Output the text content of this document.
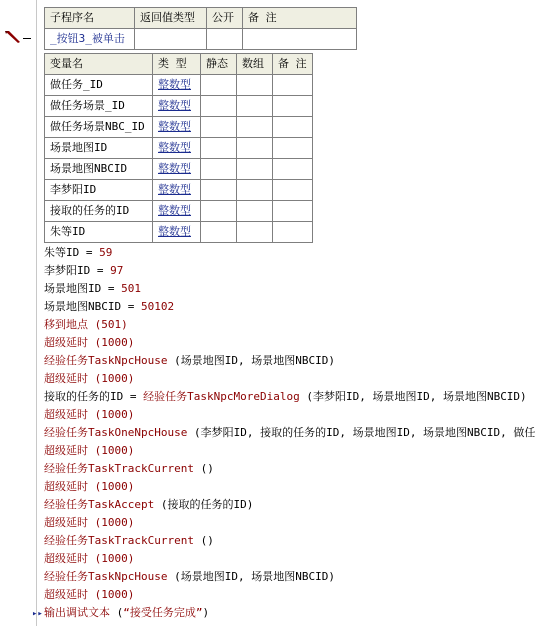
子程序名	返回值类型	公开	备 注
_按钮3_被单击			
变量名	类 型	静态	数组	备 注
做任务_ID	整数型			
做任务场景_ID	整数型			
做任务场景NBC_ID	整数型			
场景地图ID	整数型			
场景地图NBCID	整数型			
李梦阳ID	整数型			
接取的任务的ID	整数型			
朱等ID	整数型			
朱等ID = 59
李梦阳ID = 97
场景地图ID = 501
场景地图NBCID = 50102
移到地点 (501)
超级延时 (1000)
经验任务TaskNpcHouse (场景地图ID, 场景地图NBCID)
超级延时 (1000)
接取的任务的ID = 经验任务TaskNpcMoreDialog (李梦阳ID, 场景地图ID, 场景地图NBCID)
超级延时 (1000)
经验任务TaskOneNpcHouse (李梦阳ID, 接取的任务的ID, 场景地图ID, 场景地图NBCID, 做任
超级延时 (1000)
经验任务TaskTrackCurrent ()
超级延时 (1000)
经验任务TaskAccept (接取的任务的ID)
超级延时 (1000)
经验任务TaskTrackCurrent ()
超级延时 (1000)
经验任务TaskNpcHouse (场景地图ID, 场景地图NBCID)
超级延时 (1000)
▸▸ 输出调试文本 (“接受任务完成”)
